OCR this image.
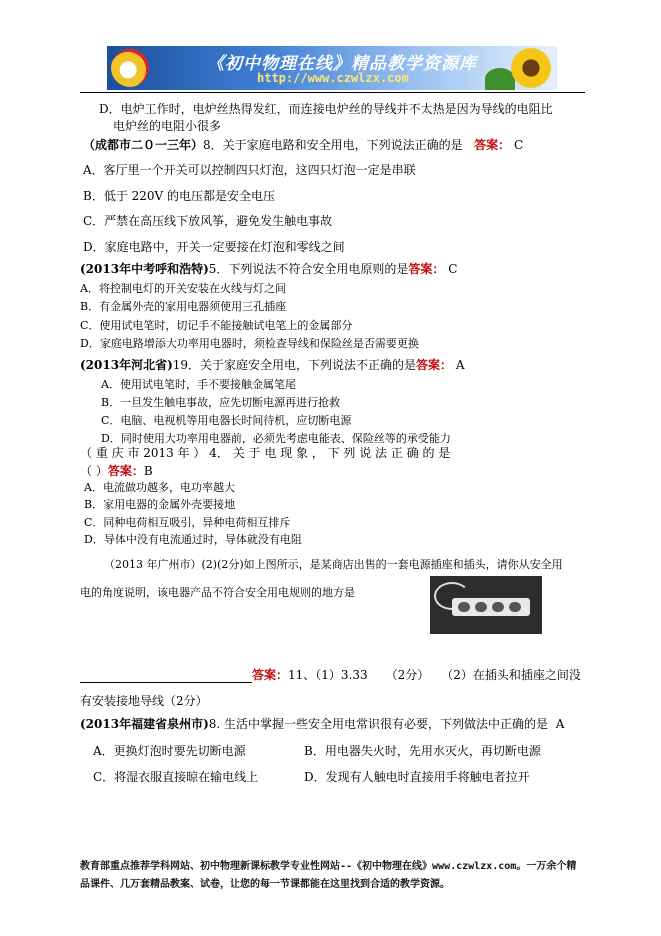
《初中物理在线》精品教学资源库
http://www.czwlzx.com
D．电炉工作时，电炉丝热得发红，而连接电炉丝的导线并不太热是因为导线的电阻比
电炉丝的电阻小很多
（成都市二０一三年）8．关于家庭电路和安全用电，下列说法正确的是 答案： C
A．客厅里一个开关可以控制四只灯泡，这四只灯泡一定是串联
B．低于 220V 的电压都是安全电压
C．严禁在高压线下放风筝，避免发生触电事故
D．家庭电路中，开关一定要接在灯泡和零线之间
(2013年中考呼和浩特)5．下列说法不符合安全用电原则的是答案： C
A．将控制电灯的开关安装在火线与灯之间
B．有金属外壳的家用电器须使用三孔插座
C．使用试电笔时，切记手不能接触试电笔上的金属部分
D．家庭电路增添大功率用电器时，须检查导线和保险丝是否需要更换
(2013年河北省)19．关于家庭安全用电，下列说法不正确的是答案： A
A．使用试电笔时，手不要接触金属笔尾
B．一旦发生触电事故，应先切断电源再进行抢救
C．电脑、电视机等用电器长时间待机，应切断电源
D．同时使用大功率用电器前，必须先考虑电能表、保险丝等的承受能力
（ 重 庆 市 2013 年 ） 4． 关 于 电 现 象 ， 下 列 说 法 正 确 的 是
（ ）答案：B
A．电流做功越多，电功率越大
B．家用电器的金属外壳要接地
C．同种电荷相互吸引，异种电荷相互排斥
D．导体中没有电流通过时，导体就没有电阻
（2013 年广州市）(2)(2分)如上图所示，是某商店出售的一套电源插座和插头，请你从安全用
电的角度说明，该电器产品不符合安全用电规则的地方是
答案：11、（1）3.33　　（2分）　　（2）在插头和插座之间没
有安装接地导线（2分）
(2013年福建省泉州市)8. 生活中掌握一些安全用电常识很有必要，下列做法中正确的是 A
A．更换灯泡时要先切断电源	B．用电器失火时，先用水灭火，再切断电源
C．将湿衣服直接晾在输电线上	D．发现有人触电时直接用手将触电者拉开
教育部重点推荐学科网站、初中物理新课标教学专业性网站--《初中物理在线》www.czwlzx.com。一万余个精品课件、几万套精品教案、试卷，让您的每一节课都能在这里找到合适的教学资源。
